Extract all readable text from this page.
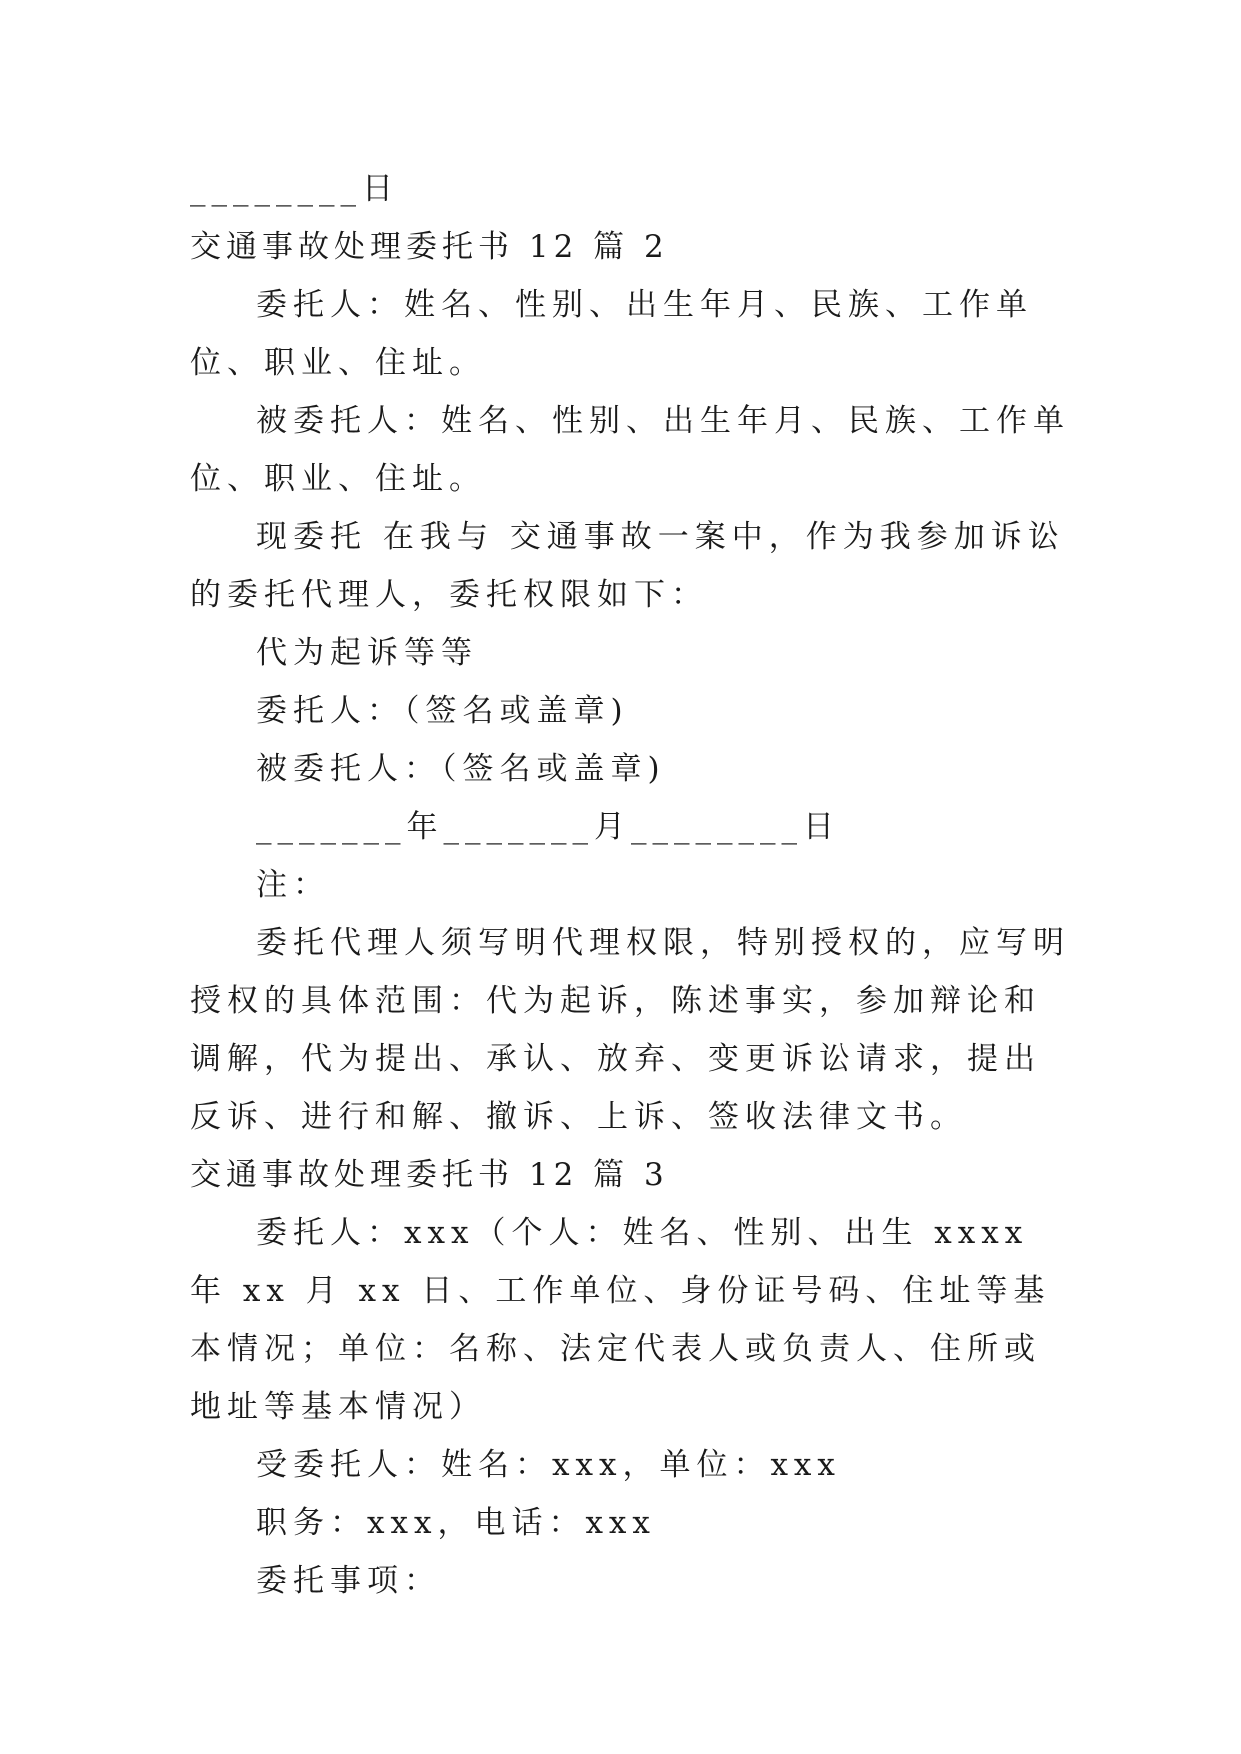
________日
交通事故处理委托书 12 篇 2
委托人：姓名、性别、出生年月、民族、工作单位、职业、住址。
被委托人：姓名、性别、出生年月、民族、工作单位、职业、住址。
现委托 在我与 交通事故一案中，作为我参加诉讼的委托代理人，委托权限如下：
代为起诉等等
委托人：（签名或盖章)
被委托人：（签名或盖章)
_______年_______月________日
注：
委托代理人须写明代理权限，特别授权的，应写明授权的具体范围：代为起诉，陈述事实，参加辩论和调解，代为提出、承认、放弃、变更诉讼请求，提出反诉、进行和解、撤诉、上诉、签收法律文书。
交通事故处理委托书 12 篇 3
委托人：xxx（个人：姓名、性别、出生 xxxx 年 xx 月 xx 日、工作单位、身份证号码、住址等基本情况；单位：名称、法定代表人或负责人、住所或地址等基本情况）
受委托人：姓名：xxx，单位：xxx
职务：xxx，电话：xxx
委托事项：
